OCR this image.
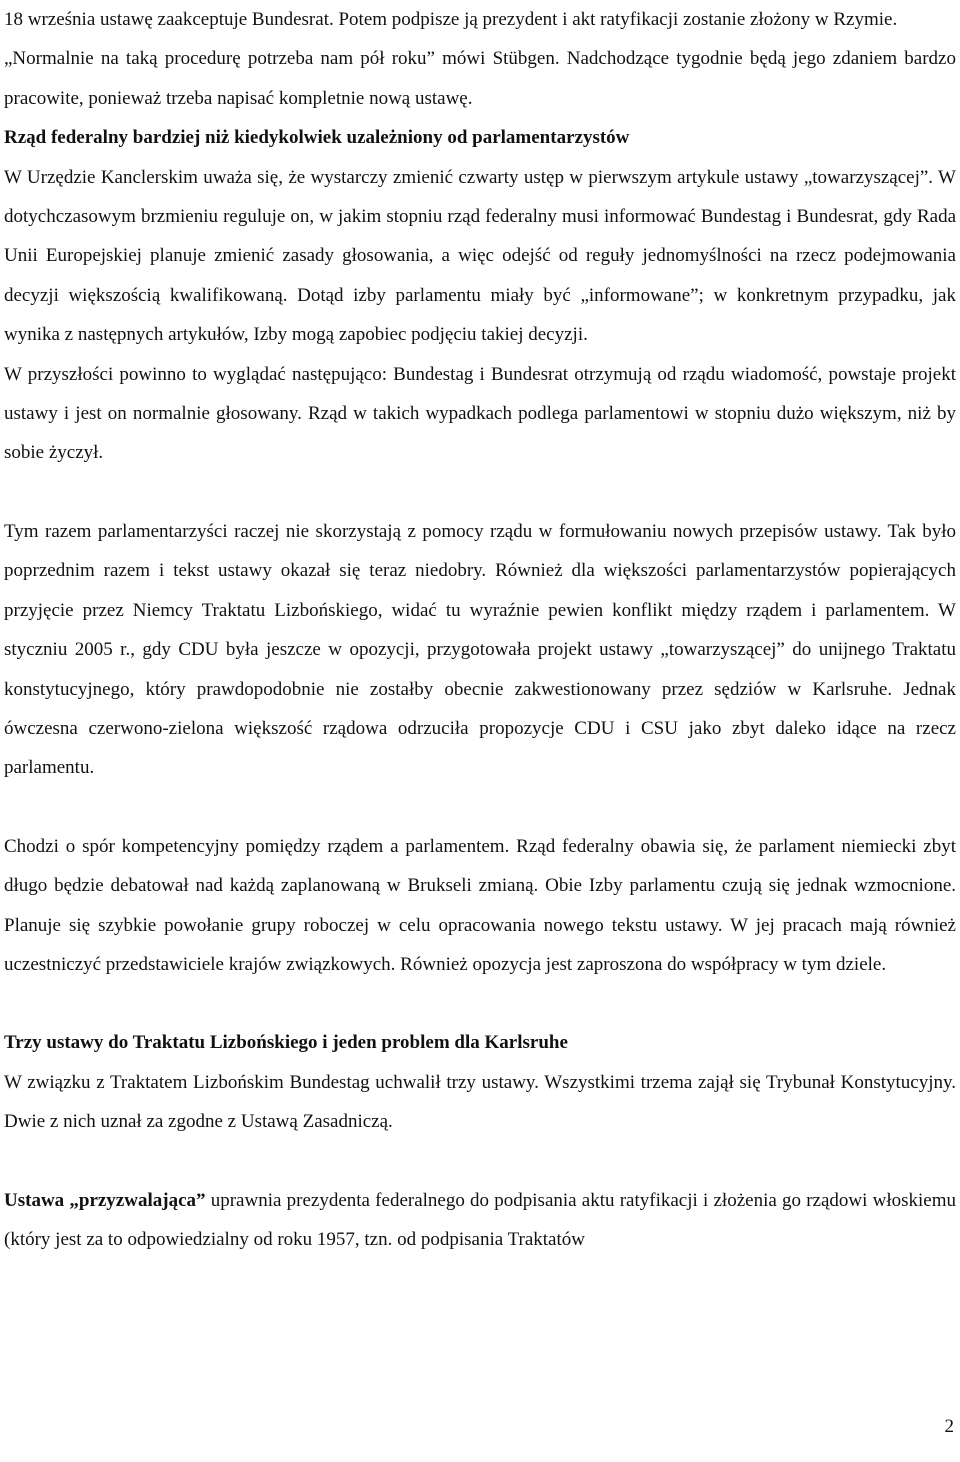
18 września ustawę zaakceptuje Bundesrat. Potem podpisze ją prezydent i akt ratyfikacji zostanie złożony w Rzymie.

„Normalnie na taką procedurę potrzeba nam pół roku” mówi Stübgen. Nadchodzące tygodnie będą jego zdaniem bardzo pracowite, ponieważ trzeba napisać kompletnie nową ustawę.

Rząd federalny bardziej niż kiedykolwiek uzależniony od parlamentarzystów

W Urzędzie Kanclerskim uważa się, że wystarczy zmienić czwarty ustęp w pierwszym artykule ustawy „towarzyszącej”. W dotychczasowym brzmieniu reguluje on, w jakim stopniu rząd federalny musi informować Bundestag i Bundesrat, gdy Rada Unii Europejskiej planuje zmienić zasady głosowania, a więc odejść od reguły jednomyślności na rzecz podejmowania decyzji większością kwalifikowaną. Dotąd izby parlamentu miały być „informowane”; w konkretnym przypadku, jak wynika z następnych artykułów, Izby mogą zapobiec podjęciu takiej decyzji.

W przyszłości powinno to wyglądać następująco: Bundestag i Bundesrat otrzymują od rządu wiadomość, powstaje projekt ustawy i jest on normalnie głosowany. Rząd w takich wypadkach podlega parlamentowi w stopniu dużo większym, niż by sobie życzył.

Tym razem parlamentarzyści raczej nie skorzystają z pomocy rządu w formułowaniu nowych przepisów ustawy. Tak było poprzednim razem i tekst ustawy okazał się teraz niedobry. Również dla większości parlamentarzystów popierających przyjęcie przez Niemcy Traktatu Lizbońskiego, widać tu wyraźnie pewien konflikt między rządem i parlamentem. W styczniu 2005 r., gdy CDU była jeszcze w opozycji, przygotowała projekt ustawy „towarzyszącej” do unijnego Traktatu konstytucyjnego, który prawdopodobnie nie zostałby obecnie zakwestionowany przez sędziów w Karlsruhe. Jednak ówczesna czerwono-zielona większość rządowa odrzuciła propozycje CDU i CSU jako zbyt daleko idące na rzecz parlamentu.

Chodzi o spór kompetencyjny pomiędzy rządem a parlamentem. Rząd federalny obawia się, że parlament niemiecki zbyt długo będzie debatował nad każdą zaplanowaną w Brukseli zmianą. Obie Izby parlamentu czują się jednak wzmocnione. Planuje się szybkie powołanie grupy roboczej w celu opracowania nowego tekstu ustawy. W jej pracach mają również uczestniczyć przedstawiciele krajów związkowych. Również opozycja jest zaproszona do współpracy w tym dziele.

Trzy ustawy do Traktatu Lizbońskiego i jeden problem dla Karlsruhe

W związku z Traktatem Lizbońskim Bundestag uchwalił trzy ustawy. Wszystkimi trzema zajął się Trybunał Konstytucyjny. Dwie z nich uznał za zgodne z Ustawą Zasadniczą.

Ustawa „przyzwalająca” uprawnia prezydenta federalnego do podpisania aktu ratyfikacji i złożenia go rządowi włoskiemu (który jest za to odpowiedzialny od roku 1957, tzn. od podpisania Traktatów

2
